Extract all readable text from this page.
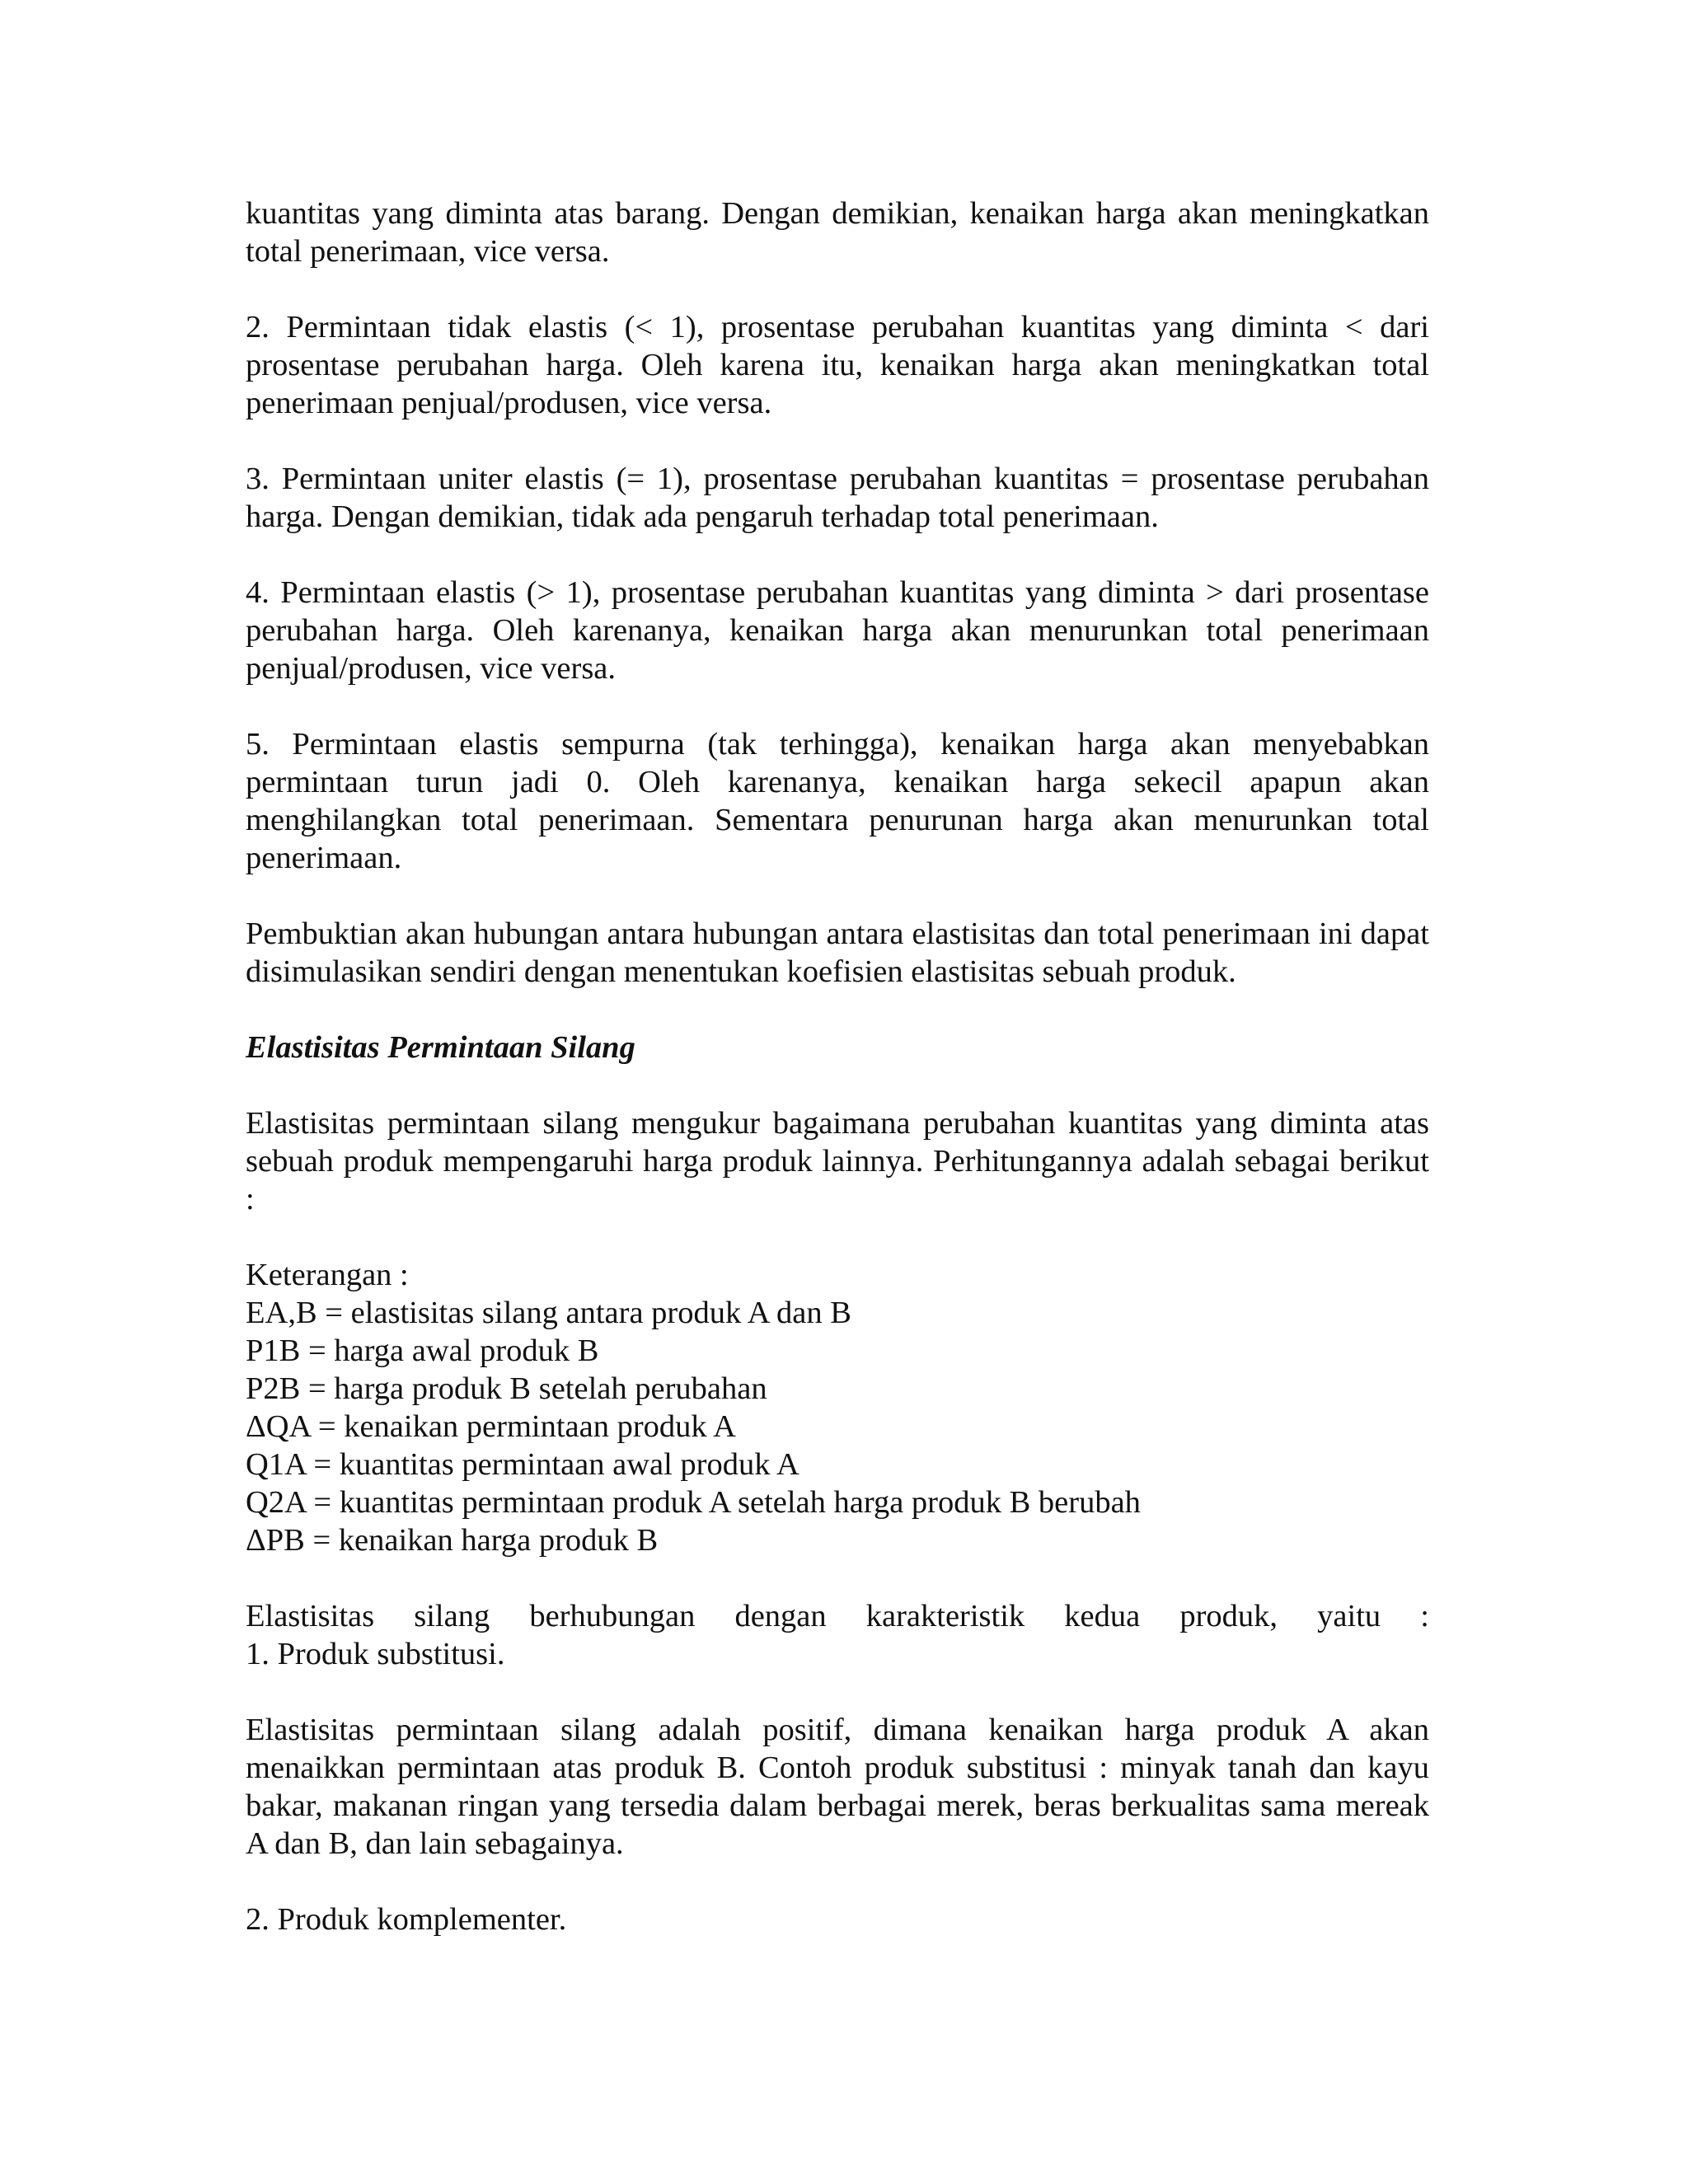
kuantitas yang diminta atas barang. Dengan demikian, kenaikan harga akan meningkatkan total penerimaan, vice versa.

2. Permintaan tidak elastis (< 1), prosentase perubahan kuantitas yang diminta < dari prosentase perubahan harga. Oleh karena itu, kenaikan harga akan meningkatkan total penerimaan penjual/produsen, vice versa.

3. Permintaan uniter elastis (= 1), prosentase perubahan kuantitas = prosentase perubahan harga. Dengan demikian, tidak ada pengaruh terhadap total penerimaan.

4. Permintaan elastis (> 1), prosentase perubahan kuantitas yang diminta > dari prosentase perubahan harga. Oleh karenanya, kenaikan harga akan menurunkan total penerimaan penjual/produsen, vice versa.

5. Permintaan elastis sempurna (tak terhingga), kenaikan harga akan menyebabkan permintaan turun jadi 0. Oleh karenanya, kenaikan harga sekecil apapun akan menghilangkan total penerimaan. Sementara penurunan harga akan menurunkan total penerimaan.

Pembuktian akan hubungan antara hubungan antara elastisitas dan total penerimaan ini dapat disimulasikan sendiri dengan menentukan koefisien elastisitas sebuah produk.

Elastisitas Permintaan Silang

Elastisitas permintaan silang mengukur bagaimana perubahan kuantitas yang diminta atas sebuah produk mempengaruhi harga produk lainnya. Perhitungannya adalah sebagai berikut :

Keterangan :
EA,B = elastisitas silang antara produk A dan B
P1B = harga awal produk B
P2B = harga produk B setelah perubahan
ΔQA = kenaikan permintaan produk A
Q1A = kuantitas permintaan awal produk A
Q2A = kuantitas permintaan produk A setelah harga produk B berubah
ΔPB = kenaikan harga produk B
Elastisitas silang berhubungan dengan karakteristik kedua produk, yaitu :
1. Produk substitusi.

Elastisitas permintaan silang adalah positif, dimana kenaikan harga produk A akan menaikkan permintaan atas produk B. Contoh produk substitusi : minyak tanah dan kayu bakar, makanan ringan yang tersedia dalam berbagai merek, beras berkualitas sama mereak A dan B, dan lain sebagainya.

2. Produk komplementer.
